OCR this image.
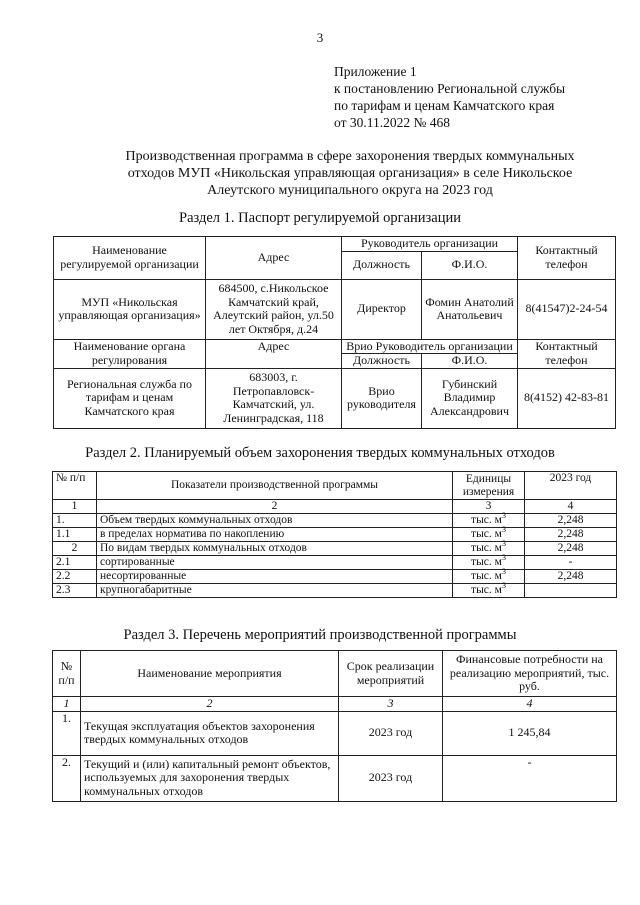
3
Приложение 1
к постановлению Региональной службы
по тарифам и ценам Камчатского края
от 30.11.2022 № 468
Производственная программа в сфере захоронения твердых коммунальных
отходов МУП «Никольская управляющая организация» в селе Никольское
Алеутского муниципального округа на 2023 год
Раздел 1. Паспорт регулируемой организации
Наименование регулируемой организации	Адрес	Руководитель организации		Контактный телефон
		Должность	Ф.И.О.	
МУП «Никольская управляющая организация»	684500, с.Никольское Камчатский край, Алеутский район, ул.50 лет Октября, д.24	Директор	Фомин Анатолий Анатольевич	8(41547)2-24-54
Наименование органа регулирования	Адрес	Врио Руководитель организации		Контактный телефон
		Должность	Ф.И.О.	
Региональная служба по тарифам и ценам Камчатского края	683003, г. Петропавловск-Камчатский, ул. Ленинградская, 118	Врио руководителя	Губинский Владимир Александрович	8(4152) 42-83-81
Раздел 2. Планируемый объем захоронения твердых коммунальных отходов
№ п/п	Показатели производственной программы	Единицы измерения	2023 год
1	2	3	4
1.	Объем твердых коммунальных отходов	тыс. $м^3$	2,248
1.1	в пределах норматива по накоплению	тыс. $м^3$	2,248
2	По видам твердых коммунальных отходов	тыс. $м^3$	2,248
2.1	сортированные	тыс. $м^3$	-
2.2	несортированные	тыс. $м^3$	2,248
2.3	крупногабаритные	тыс. $м^3$	
Раздел 3. Перечень мероприятий производственной программы
№ п/п	Наименование мероприятия	Срок реализации мероприятий	Финансовые потребности на реализацию мероприятий, тыс. руб.
1	2	3	4
1.	Текущая эксплуатация объектов захоронения твердых коммунальных отходов	2023 год	1 245,84
2.	Текущий и (или) капитальный ремонт объектов, используемых для захоронения твердых коммунальных отходов	2023 год	-
